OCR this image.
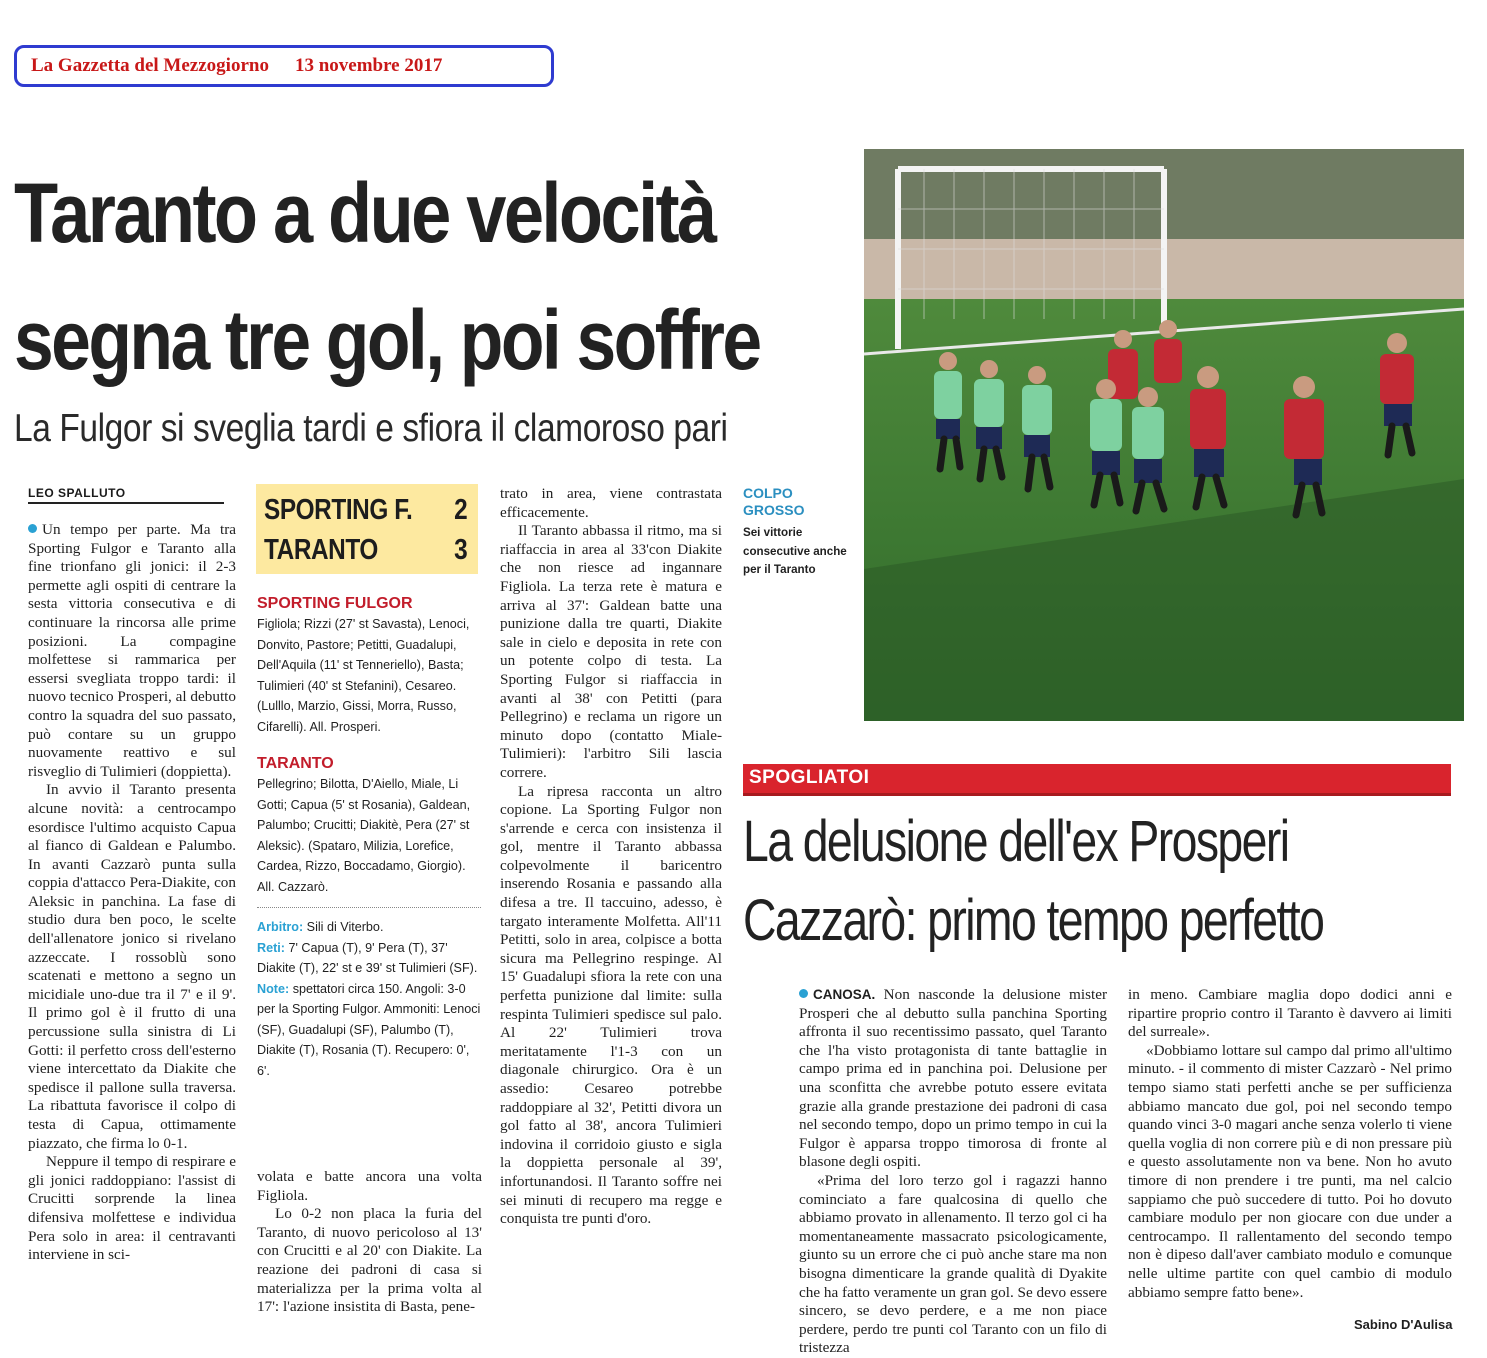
La Gazzetta del Mezzogiorno 13 novembre 2017
Taranto a due velocità
segna tre gol, poi soffre
La Fulgor si sveglia tardi e sfiora il clamoroso pari
LEO SPALLUTO

Un tempo per parte. Ma tra Sporting Fulgor e Taranto alla fine trionfano gli jonici: il 2-3 permette agli ospiti di centrare la sesta vittoria consecutiva e di continuare la rincorsa alle prime posizioni. La compagine molfettese si rammarica per essersi svegliata troppo tardi: il nuovo tecnico Prosperi, al debutto contro la squadra del suo passato, può contare su un gruppo nuovamente reattivo e sul risveglio di Tulimieri (doppietta).

In avvio il Taranto presenta alcune novità: a centrocampo esordisce l'ultimo acquisto Capua al fianco di Galdean e Palumbo. In avanti Cazzarò punta sulla coppia d'attacco Pera-Diakite, con Aleksic in panchina. La fase di studio dura ben poco, le scelte dell'allenatore jonico si rivelano azzeccate. I rossoblù sono scatenati e mettono a segno un micidiale uno-due tra il 7' e il 9'. Il primo gol è il frutto di una percussione sulla sinistra di Li Gotti: il perfetto cross dell'esterno viene intercettato da Diakite che spedisce il pallone sulla traversa. La ribattuta favorisce il colpo di testa di Capua, ottimamente piazzato, che firma lo 0-1.

Neppure il tempo di respirare e gli jonici raddoppiano: l'assist di Crucitti sorprende la linea difensiva molfettese e individua Pera solo in area: il centravanti interviene in sci-

SPORTING F. 2
TARANTO	3
SPORTING FULGOR
Figliola; Rizzi (27' st Savasta), Lenoci, Donvito, Pastore; Petitti, Guadalupi, Dell'Aquila (11' st Tenneriello), Basta; Tulimieri (40' st Stefanini), Cesareo. (Lulllo, Marzio, Gissi, Morra, Russo, Cifarelli). All. Prosperi.
TARANTO
Pellegrino; Bilotta, D'Aiello, Miale, Li Gotti; Capua (5' st Rosania), Galdean, Palumbo; Crucitti; Diakitè, Pera (27' st Aleksic). (Spataro, Milizia, Lorefice, Cardea, Rizzo, Boccadamo, Giorgio). All. Cazzarò.
Arbitro: Sili di Viterbo.
Reti: 7' Capua (T), 9' Pera (T), 37' Diakite (T), 22' st e 39' st Tulimieri (SF).
Note: spettatori circa 150. Angoli: 3-0 per la Sporting Fulgor. Ammoniti: Lenoci (SF), Guadalupi (SF), Palumbo (T), Diakite (T), Rosania (T). Recupero: 0', 6'.

volata e batte ancora una volta Figliola.

Lo 0-2 non placa la furia del Taranto, di nuovo pericoloso al 13' con Crucitti e al 20' con Diakite. La reazione dei padroni di casa si materializza per la prima volta al 17': l'azione insistita di Basta, pene-

trato in area, viene contrastata efficacemente.

Il Taranto abbassa il ritmo, ma si riaffaccia in area al 33'con Diakite che non riesce ad ingannare Figliola. La terza rete è matura e arriva al 37': Galdean batte una punizione dalla tre quarti, Diakite sale in cielo e deposita in rete con un potente colpo di testa. La Sporting Fulgor si riaffaccia in avanti al 38' con Petitti (para Pellegrino) e reclama un rigore un minuto dopo (contatto Miale-Tulimieri): l'arbitro Sili lascia correre.

La ripresa racconta un altro copione. La Sporting Fulgor non s'arrende e cerca con insistenza il gol, mentre il Taranto abbassa colpevolmente il baricentro inserendo Rosania e passando alla difesa a tre. Il taccuino, adesso, è targato interamente Molfetta. All'11 Petitti, solo in area, colpisce a botta sicura ma Pellegrino respinge. Al 15' Guadalupi sfiora la rete con una perfetta punizione dal limite: sulla respinta Tulimieri spedisce sul palo. Al 22' Tulimieri trova meritatamente l'1-3 con un diagonale chirurgico. Ora è un assedio: Cesareo potrebbe raddoppiare al 32', Petitti divora un gol fatto al 38', ancora Tulimieri indovina il corridoio giusto e sigla la doppietta personale al 39', infortunandosi. Il Taranto soffre nei sei minuti di recupero ma regge e conquista tre punti d'oro.

COLPO
GROSSO
Sei vittorie consecutive anche per il Taranto
SPOGLIATOI
La delusione dell'ex Prosperi
Cazzarò: primo tempo perfetto

CANOSA. Non nasconde la delusione mister Prosperi che al debutto sulla panchina Sporting affronta il suo recentissimo passato, quel Taranto che l'ha visto protagonista di tante battaglie in campo prima ed in panchina poi. Delusione per una sconfitta che avrebbe potuto essere evitata grazie alla grande prestazione dei padroni di casa nel secondo tempo, dopo un primo tempo in cui la Fulgor è apparsa troppo timorosa di fronte al blasone degli ospiti.

«Prima del loro terzo gol i ragazzi hanno cominciato a fare qualcosina di quello che abbiamo provato in allenamento. Il terzo gol ci ha momentaneamente massacrato psicologicamente, giunto su un errore che ci può anche stare ma non bisogna dimenticare la grande qualità di Dyakite che ha fatto veramente un gran gol. Se devo essere sincero, se devo perdere, e a me non piace perdere, perdo tre punti col Taranto con un filo di tristezza

in meno. Cambiare maglia dopo dodici anni e ripartire proprio contro il Taranto è davvero ai limiti del surreale».

«Dobbiamo lottare sul campo dal primo all'ultimo minuto. - il commento di mister Cazzarò - Nel primo tempo siamo stati perfetti anche se per sufficienza abbiamo mancato due gol, poi nel secondo tempo quando vinci 3-0 magari anche senza volerlo ti viene quella voglia di non correre più e di non pressare più e questo assolutamente non va bene. Non ho avuto timore di non prendere i tre punti, ma nel calcio sappiamo che può succedere di tutto. Poi ho dovuto cambiare modulo per non giocare con due under a centrocampo. Il rallentamento del secondo tempo non è dipeso dall'aver cambiato modulo e comunque nelle ultime partite con quel cambio di modulo abbiamo sempre fatto bene».

Sabino D'Aulisa
